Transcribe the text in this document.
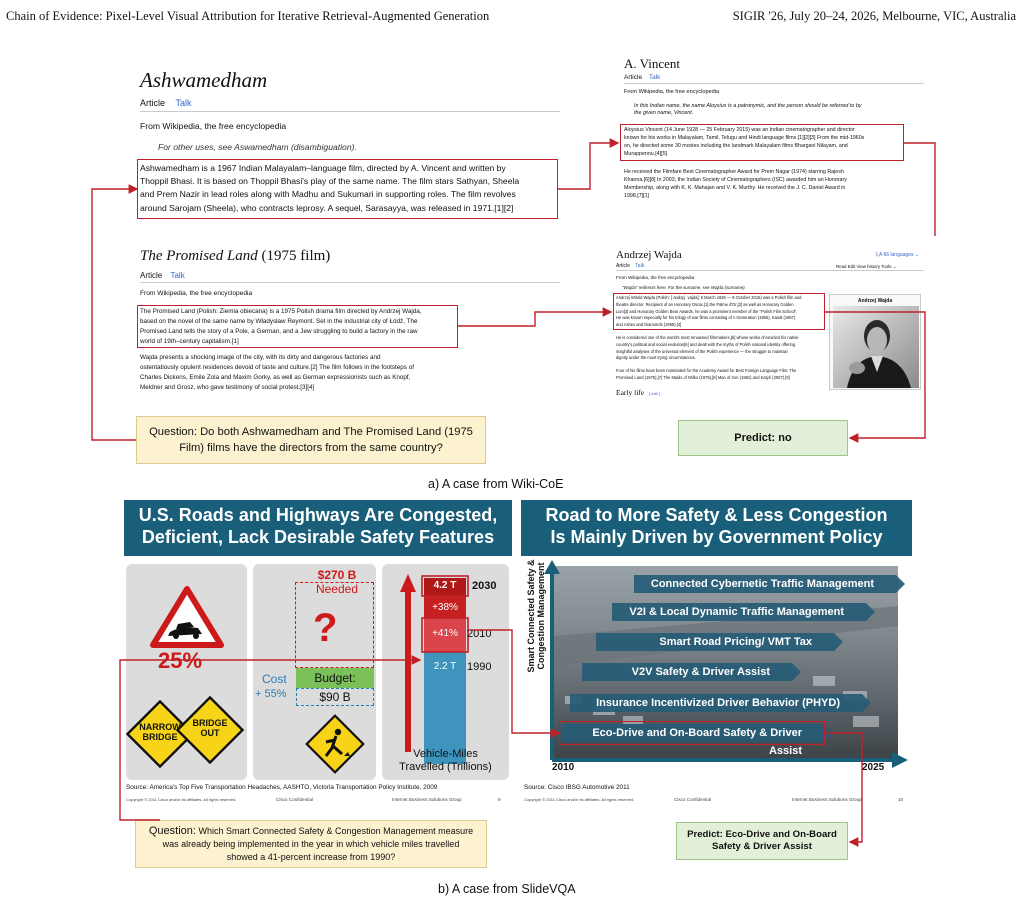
Chain of Evidence: Pixel-Level Visual Attribution for Iterative Retrieval-Augmented Generation	SIGIR '26, July 20–24, 2026, Melbourne, VIC, Australia
Ashwamedham
Article Talk
From Wikipedia, the free encyclopedia
For other uses, see Aswamedham (disambiguation).
Ashwamedham is a 1967 Indian Malayalam–language film, directed by A. Vincent and written by
Thoppil Bhasi. It is based on Thoppil Bhasi's play of the same name. The film stars Sathyan, Sheela
and Prem Nazir in lead roles along with Madhu and Sukumari in supporting roles. The film revolves
around Sarojam (Sheela), who contracts leprosy. A sequel, Sarasayya, was released in 1971.[1][2]
The Promised Land (1975 film)
Article Talk
From Wikipedia, the free encyclopedia
The Promised Land (Polish: Ziemia obiecana) is a 1975 Polish drama film directed by Andrzej Wajda,
based on the novel of the same name by Władysław Reymont. Set in the industrial city of Łódź, The
Promised Land tells the story of a Pole, a German, and a Jew struggling to build a factory in the raw
world of 19th–century capitalism.[1]
Wajda presents a shocking image of the city, with its dirty and dangerous factories and
ostentatiously opulent residences devoid of taste and culture.[2] The film follows in the footsteps of
Charles Dickens, Emile Zola and Maxim Gorky, as well as German expressionists such as Knopf,
Meldner and Grosz, who gave testimony of social protest.[3][4]
A. Vincent
Article Talk
From Wikipedia, the free encyclopedia
In this Indian name, the name Aloysius is a patronymic, and the person should be referred to by
the given name, Vincent.
Aloysius Vincent (14 June 1928 — 25 February 2015) was an Indian cinematographer and director
known for his works in Malayalam, Tamil, Telugu and Hindi language films.[1][2][3] From the mid-1960s
on, he directed some 30 movies including the landmark Malayalam films Bhargavi Nilayam, and
Murappennu.[4][5]
He received the Filmfare Best Cinematographer Award for Prem Nagar (1974) starring Rajesh
Khanna.[6][8] In 2003, the Indian Society of Cinematographers (ISC) awarded him an Honorary
Membership, along with K. K. Mahajan and V. K. Murthy. He received the J. C. Daniel Award in
1998.[7][1]
Andrzej Wajda	文A 66 languages ⌄
Article Talk	Read Edit View history Tools ⌄
From Wikipedia, the free encyclopedia
"Wajda" redirects here. For the surname, see Wajda (surname).
Andrzej Witold Wajda (Polish: [ˈandʐɛj ˈvajda]; 6 March 1926 — 9 October 2016) was a Polish film and
theatre director. Recipient of an Honorary Oscar,[1] the Palme d'Or,[2] as well as Honorary Golden
Lion[3] and Honorary Golden Bear Awards, he was a prominent member of the "Polish Film School".
He was known especially for his trilogy of war films consisting of A Generation (1955), Kanał (1957)
and Ashes and Diamonds (1958).[4]
He is considered one of the world's most renowned filmmakers,[5] whose works chronicled his native
country's political and social evolution[6] and dealt with the myths of Polish national identity offering
insightful analyses of the universal element of the Polish experience — the struggle to maintain
dignity under the most trying circumstances.
Four of his films have been nominated for the Academy Award for Best Foreign Language Film: The
Promised Land (1975),[7] The Maids of Wilko (1979),[8] Man of Iron (1981) and Katyń (2007).[9]
Early life [ edit ]
Andrzej Wajda
Question: Do both Ashwamedham and The Promised Land (1975 Film) films have the directors from the same country?
Predict: no
a) A case from Wiki-CoE
U.S. Roads and Highways Are Congested,
Deficient, Lack Desirable Safety Features
25%
NARROW
BRIDGE
BRIDGE
OUT
$270 B
Needed
?
Cost
+ 55%
Budget:
$90 B
4.2 T	2030
+38%
+41% 2010
2.2 T 1990
Vehicle-Miles
Travelled (Trillions)
Source: America's Top Five Transportation Headaches, AASHTO, Victoria Transportation Policy Institute, 2009
Copyright © 2011 Cisco and/or its affiliates. All rights reserved.	Cisco Confidential	Internet Business Solutions Group	9
Road to More Safety & Less Congestion
Is Mainly Driven by Government Policy
Connected Cybernetic Traffic Management
V2I & Local Dynamic Traffic Management
Smart Road Pricing/ VMT Tax
V2V Safety & Driver Assist
Insurance Incentivized Driver Behavior (PHYD)
Eco-Drive and On-Board Safety & Driver Assist
Smart Connected Safety & Congestion Management
2010	2025
Source: Cisco IBSG Automotive 2011
Copyright © 2011 Cisco and/or its affiliates. All rights reserved.	Cisco Confidential	Internet Business Solutions Group	10
Question: Which Smart Connected Safety & Congestion Management measure was already being implemented in the year in which vehicle miles travelled showed a 41-percent increase from 1990?
Predict: Eco-Drive and On-Board Safety & Driver Assist
b) A case from SlideVQA
